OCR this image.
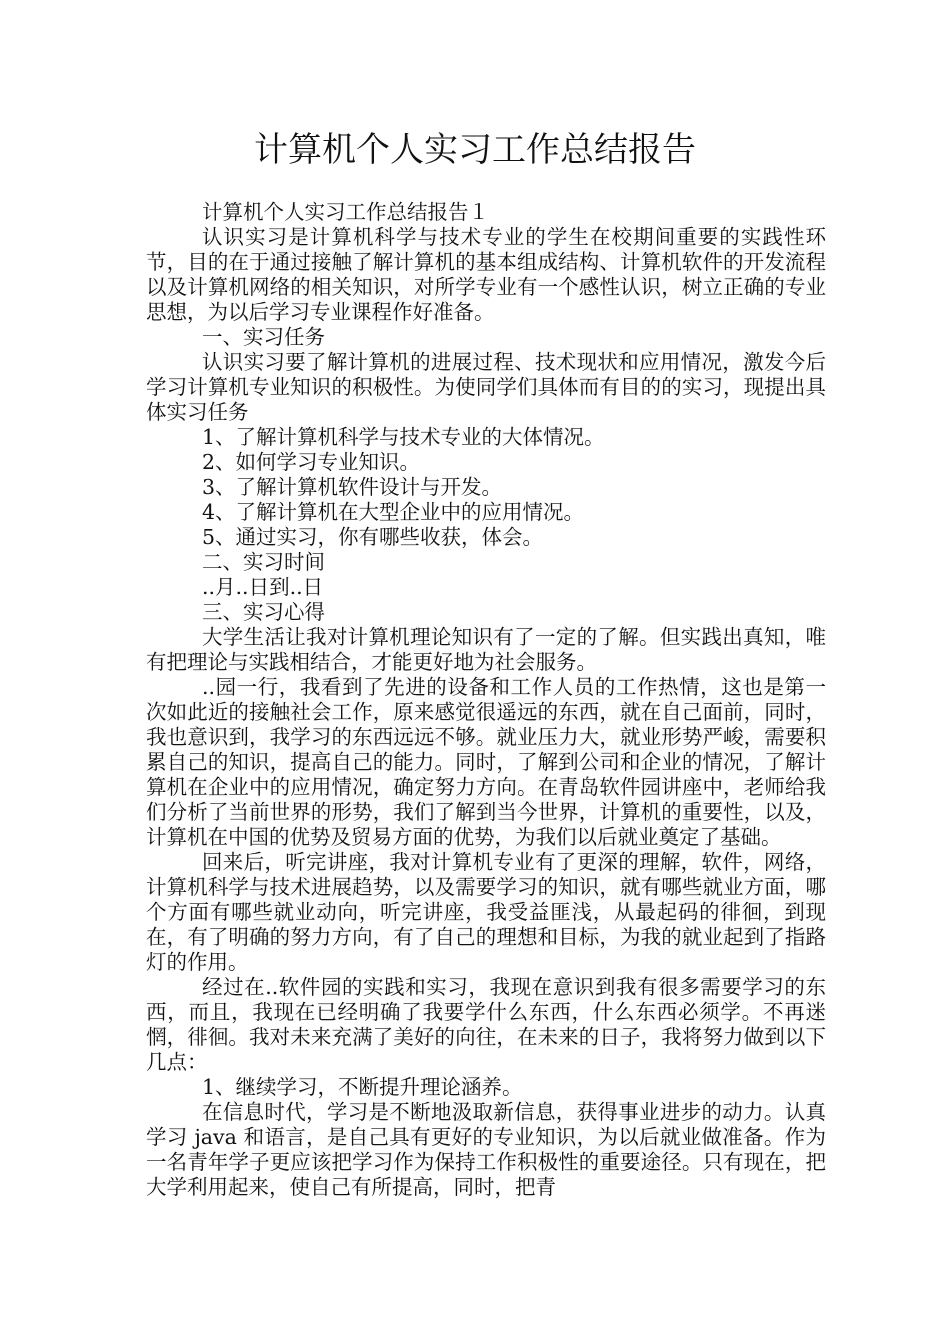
计算机个人实习工作总结报告

计算机个人实习工作总结报告１

认识实习是计算机科学与技术专业的学生在校期间重要的实践性环节，目的在于通过接触了解计算机的基本组成结构、计算机软件的开发流程以及计算机网络的相关知识，对所学专业有一个感性认识，树立正确的专业思想，为以后学习专业课程作好准备。

一、实习任务

认识实习要了解计算机的进展过程、技术现状和应用情况，激发今后学习计算机专业知识的积极性。为使同学们具体而有目的的实习，现提出具体实习任务

1、了解计算机科学与技术专业的大体情况。

2、如何学习专业知识。

3、了解计算机软件设计与开发。

4、了解计算机在大型企业中的应用情况。

5、通过实习，你有哪些收获，体会。

二、实习时间

..月..日到..日

三、实习心得

大学生活让我对计算机理论知识有了一定的了解。但实践出真知，唯有把理论与实践相结合，才能更好地为社会服务。

..园一行，我看到了先进的设备和工作人员的工作热情，这也是第一次如此近的接触社会工作，原来感觉很遥远的东西，就在自己面前，同时，我也意识到，我学习的东西远远不够。就业压力大，就业形势严峻，需要积累自己的知识，提高自己的能力。同时，了解到公司和企业的情况，了解计算机在企业中的应用情况，确定努力方向。在青岛软件园讲座中，老师给我们分析了当前世界的形势，我们了解到当今世界，计算机的重要性，以及，计算机在中国的优势及贸易方面的优势，为我们以后就业奠定了基础。

回来后，听完讲座，我对计算机专业有了更深的理解，软件，网络，计算机科学与技术进展趋势，以及需要学习的知识，就有哪些就业方面，哪个方面有哪些就业动向，听完讲座，我受益匪浅，从最起码的徘徊，到现在，有了明确的努力方向，有了自己的理想和目标，为我的就业起到了指路灯的作用。

经过在..软件园的实践和实习，我现在意识到我有很多需要学习的东西，而且，我现在已经明确了我要学什么东西，什么东西必须学。不再迷惘，徘徊。我对未来充满了美好的向往，在未来的日子，我将努力做到以下几点：

1、继续学习，不断提升理论涵养。

在信息时代，学习是不断地汲取新信息，获得事业进步的动力。认真学习 java 和语言，是自己具有更好的专业知识，为以后就业做准备。作为一名青年学子更应该把学习作为保持工作积极性的重要途径。只有现在，把大学利用起来，使自己有所提高，同时，把青
